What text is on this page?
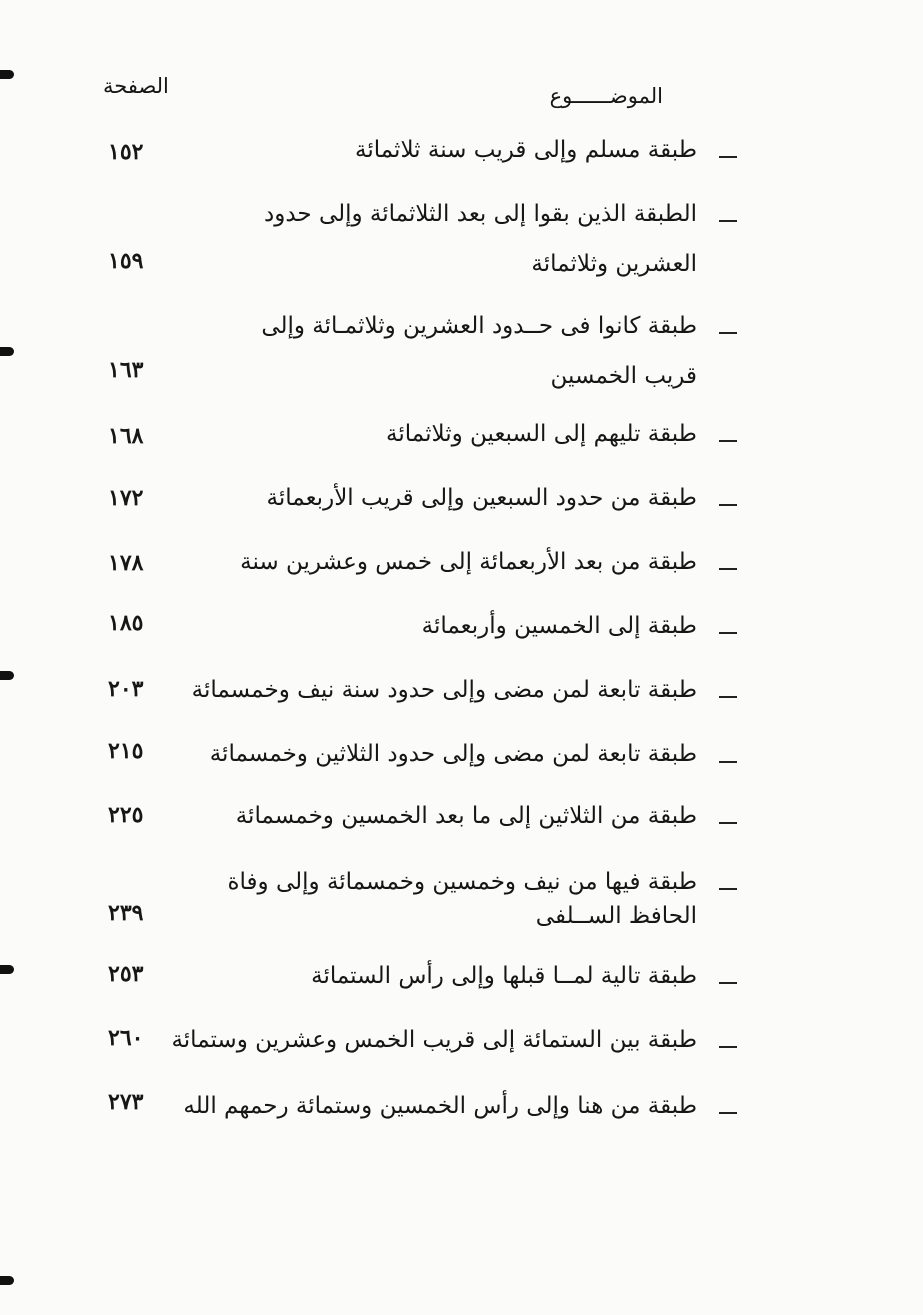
الموضــــــوع
الصفحة
طبقة مسلم وإلى قريب سنة ثلاثمائة
١٥٢
الطبقة الذين بقوا إلى بعد الثلاثمائة وإلى حدود
العشرين وثلاثمائة
١٥٩
طبقة كانوا فى حــدود العشرين وثلاثمـائة وإلى
قريب الخمسين
١٦٣
طبقة تليهم إلى السبعين وثلاثمائة
١٦٨
طبقة من حدود السبعين وإلى قريب الأربعمائة
١٧٢
طبقة من بعد الأربعمائة إلى خمس وعشرين سنة
١٧٨
طبقة إلى الخمسين وأربعمائة
١٨٥
طبقة تابعة لمن مضى وإلى حدود سنة نيف وخمسمائة
٢٠٣
طبقة تابعة لمن مضى وإلى حدود الثلاثين وخمسمائة
٢١٥
طبقة من الثلاثين إلى ما بعد الخمسين وخمسمائة
٢٢٥
طبقة فيها من نيف وخمسين وخمسمائة وإلى وفاة
الحافظ الســلفى
٢٣٩
طبقة تالية لمــا قبلها وإلى رأس الستمائة
٢٥٣
طبقة بين الستمائة إلى قريب الخمس وعشرين وستمائة
٢٦٠
طبقة من هنا وإلى رأس الخمسين وستمائة رحمهم الله
٢٧٣
